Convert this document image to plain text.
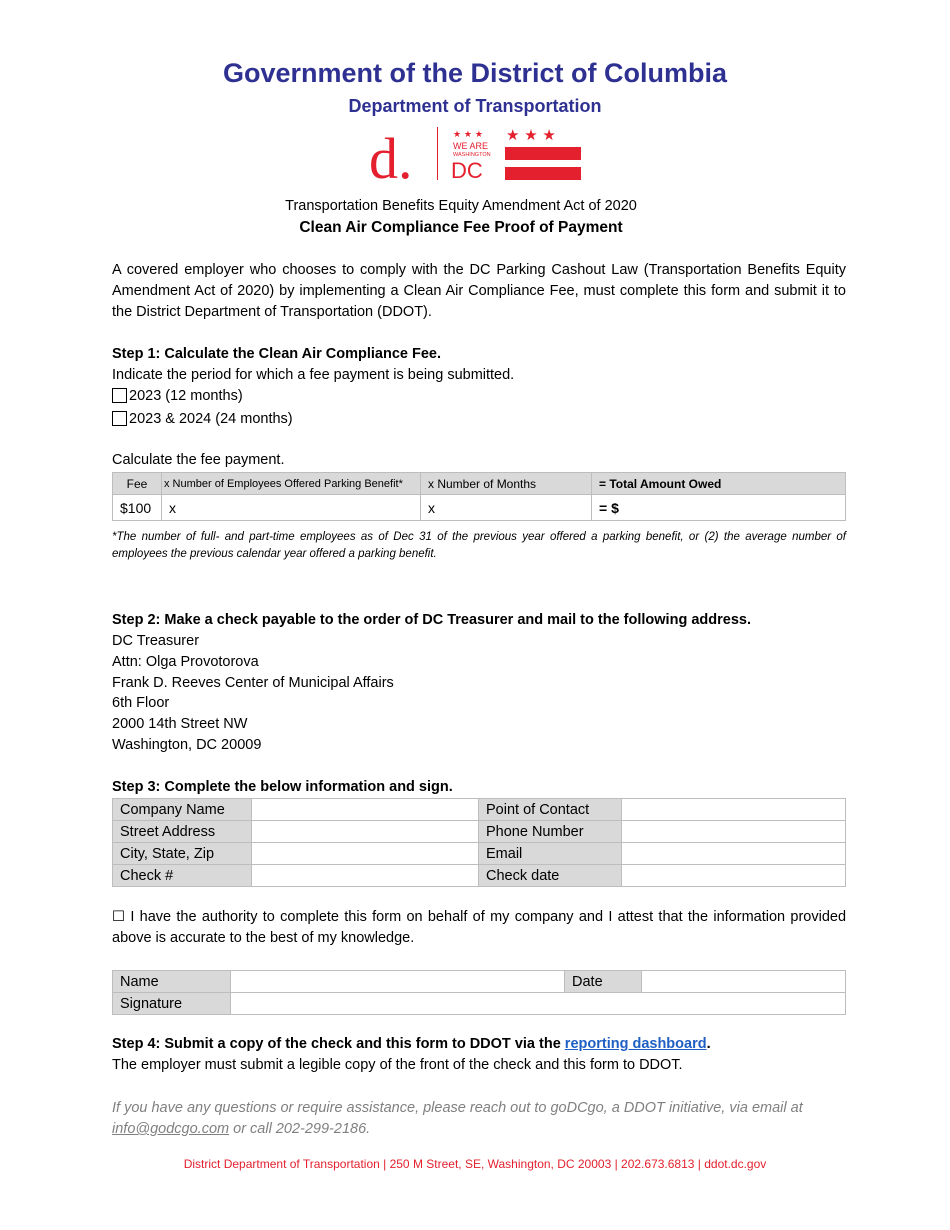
Government of the District of Columbia
Department of Transportation
d.	★ ★ ★
WE ARE
WASHINGTON
DC
★ ★ ★
Transportation Benefits Equity Amendment Act of 2020
Clean Air Compliance Fee Proof of Payment
A covered employer who chooses to comply with the DC Parking Cashout Law (Transportation Benefits Equity Amendment Act of 2020) by implementing a Clean Air Compliance Fee, must complete this form and submit it to the District Department of Transportation (DDOT).
Step 1: Calculate the Clean Air Compliance Fee.
Indicate the period for which a fee payment is being submitted.
2023 (12 months)
2023 & 2024 (24 months)
Calculate the fee payment.
Fee	x Number of Employees Offered Parking Benefit*	x Number of Months	= Total Amount Owed
$100	x	x	= $
*The number of full- and part-time employees as of Dec 31 of the previous year offered a parking benefit, or (2) the average number of employees the previous calendar year offered a parking benefit.
Step 2: Make a check payable to the order of DC Treasurer and mail to the following address.
DC Treasurer
Attn: Olga Provotorova
Frank D. Reeves Center of Municipal Affairs
6th Floor
2000 14th Street NW
Washington, DC 20009
Step 3: Complete the below information and sign.
Company Name		Point of Contact	
Street Address		Phone Number	
City, State, Zip		Email	
Check #		Check date	
☐ I have the authority to complete this form on behalf of my company and I attest that the information provided above is accurate to the best of my knowledge.
Name		Date	
Signature			
Step 4: Submit a copy of the check and this form to DDOT via the reporting dashboard.
The employer must submit a legible copy of the front of the check and this form to DDOT.
If you have any questions or require assistance, please reach out to goDCgo, a DDOT initiative, via email at info@godcgo.com or call 202-299-2186.
District Department of Transportation | 250 M Street, SE, Washington, DC 20003 | 202.673.6813 | ddot.dc.gov
